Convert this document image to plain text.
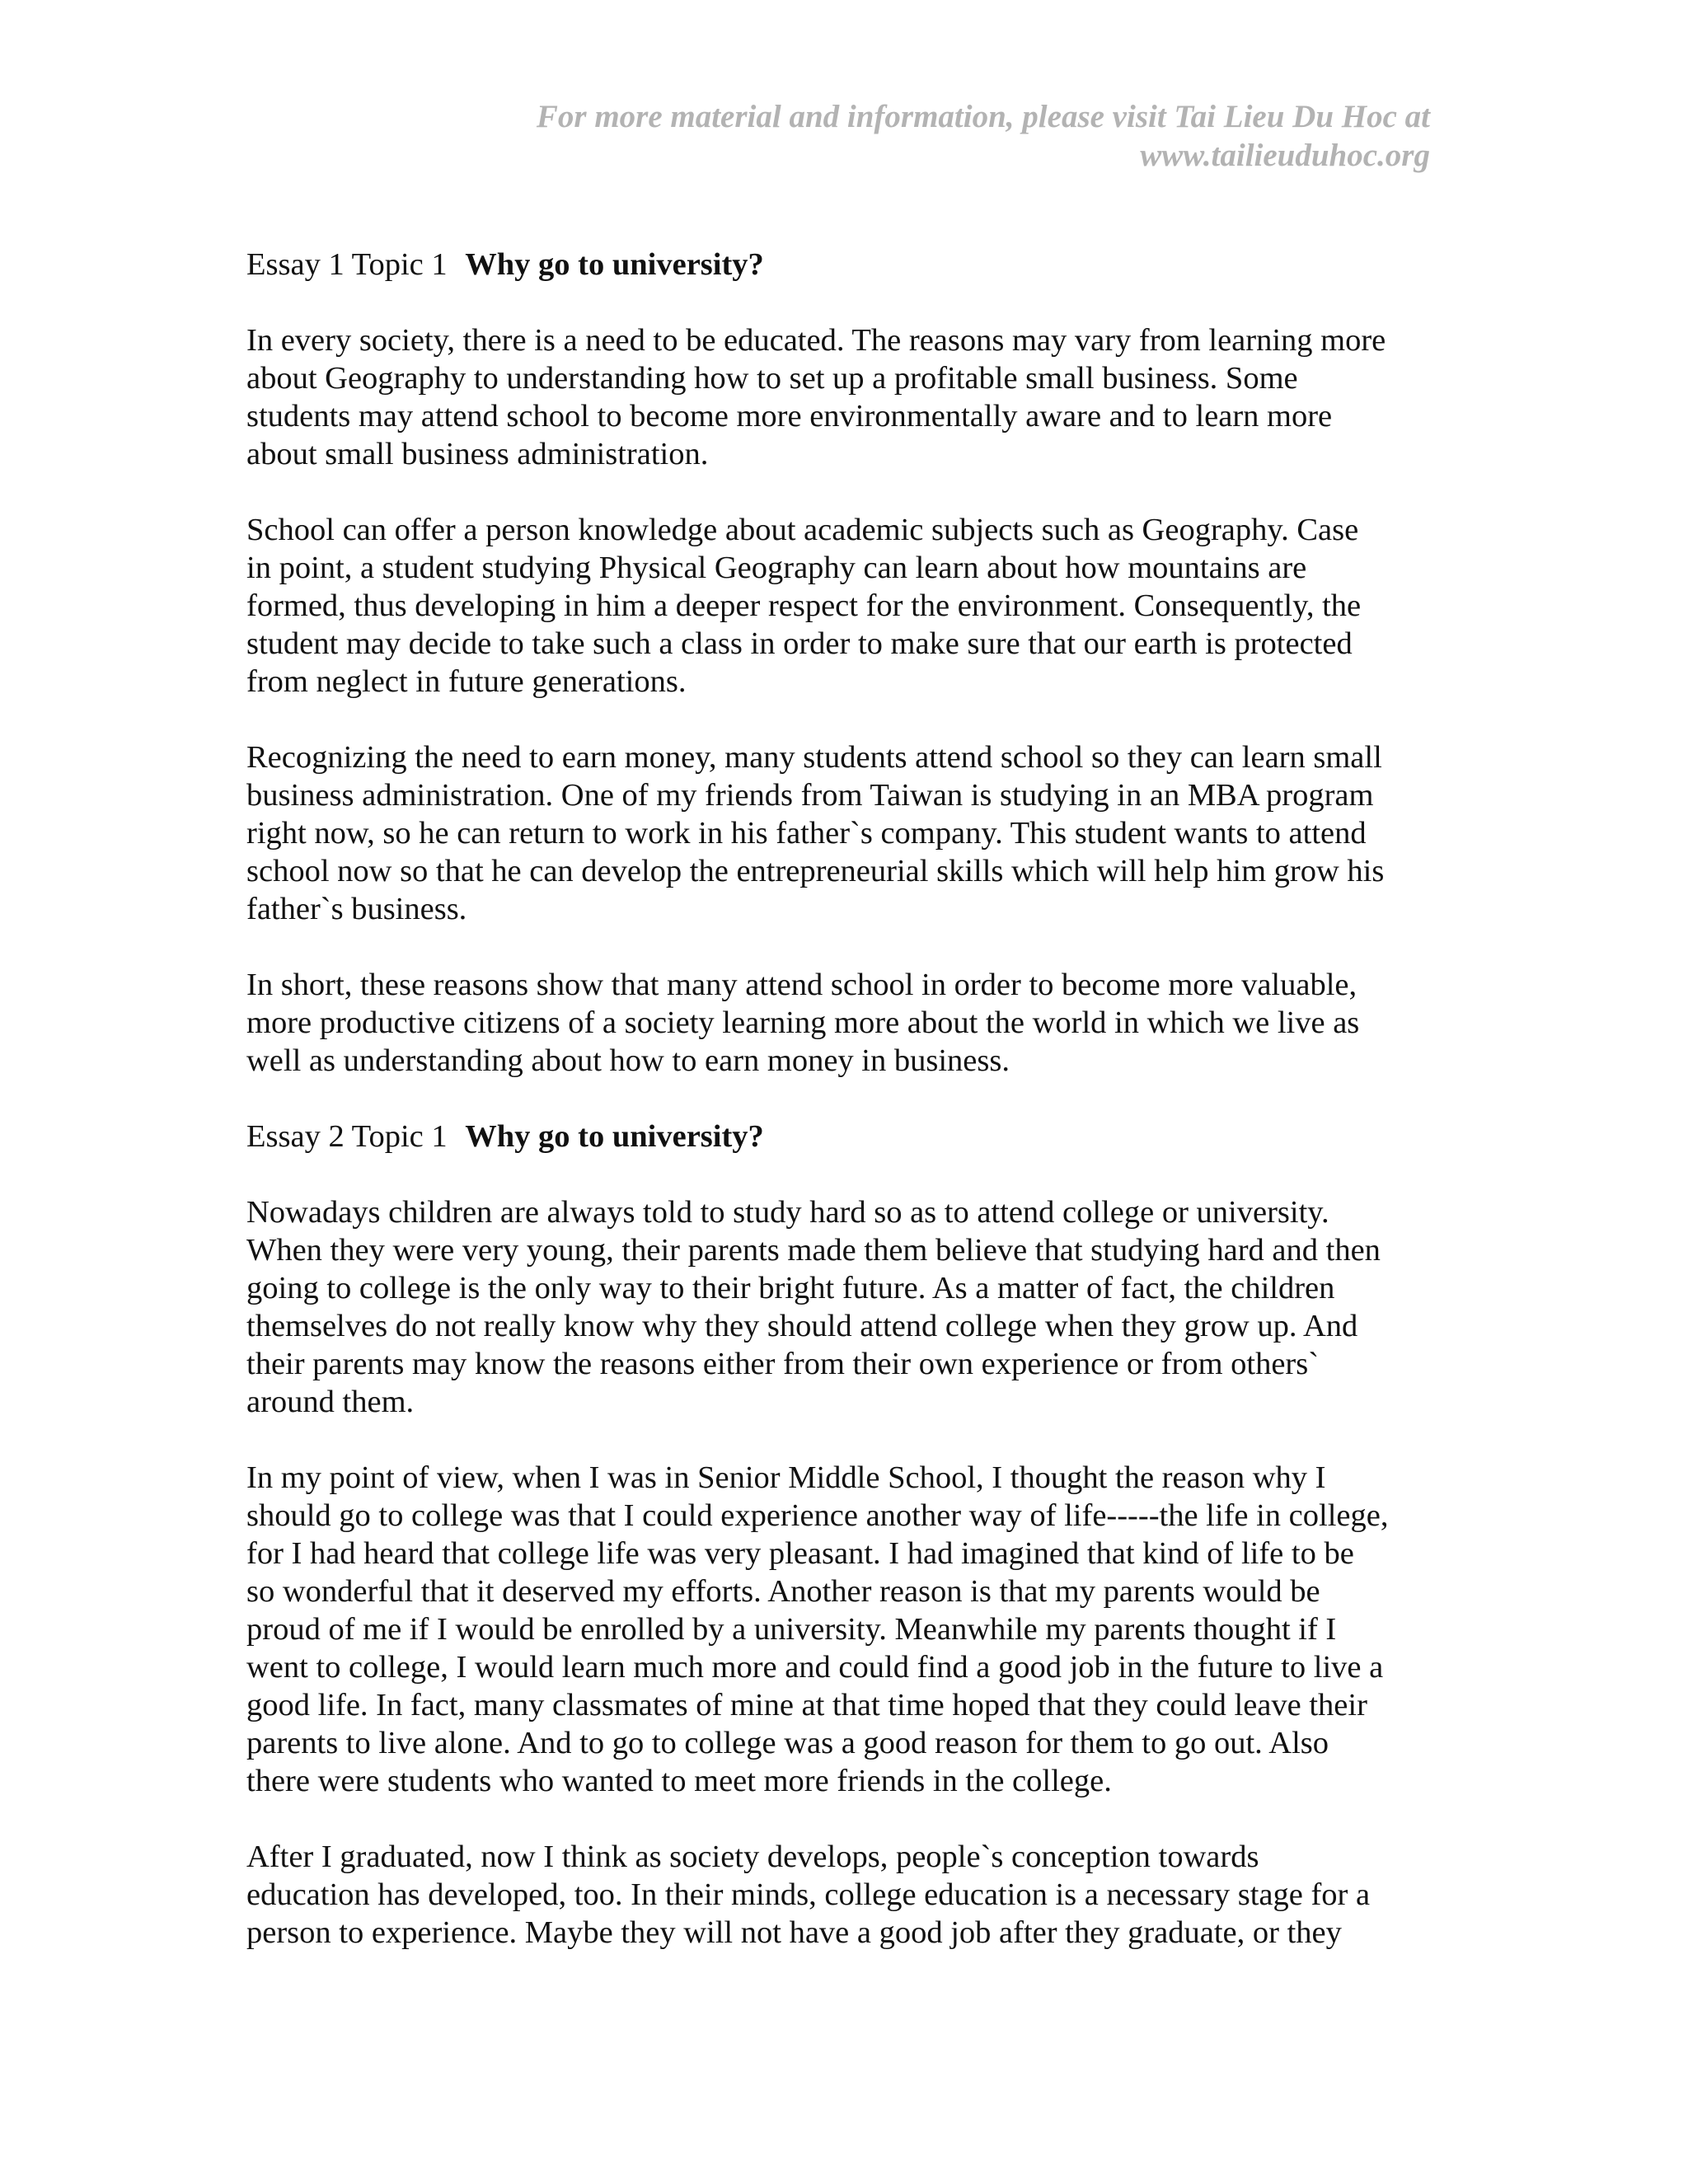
For more material and information, please visit Tai Lieu Du Hoc at
www.tailieuduhoc.org
Essay 1 Topic 1 Why go to university?
In every society, there is a need to be educated. The reasons may vary from learning more
about Geography to understanding how to set up a profitable small business. Some
students may attend school to become more environmentally aware and to learn more
about small business administration.
School can offer a person knowledge about academic subjects such as Geography. Case
in point, a student studying Physical Geography can learn about how mountains are
formed, thus developing in him a deeper respect for the environment. Consequently, the
student may decide to take such a class in order to make sure that our earth is protected
from neglect in future generations.
Recognizing the need to earn money, many students attend school so they can learn small
business administration. One of my friends from Taiwan is studying in an MBA program
right now, so he can return to work in his father`s company. This student wants to attend
school now so that he can develop the entrepreneurial skills which will help him grow his
father`s business.
In short, these reasons show that many attend school in order to become more valuable,
more productive citizens of a society learning more about the world in which we live as
well as understanding about how to earn money in business.
Essay 2 Topic 1 Why go to university?
Nowadays children are always told to study hard so as to attend college or university.
When they were very young, their parents made them believe that studying hard and then
going to college is the only way to their bright future. As a matter of fact, the children
themselves do not really know why they should attend college when they grow up. And
their parents may know the reasons either from their own experience or from others`
around them.
In my point of view, when I was in Senior Middle School, I thought the reason why I
should go to college was that I could experience another way of life-----the life in college,
for I had heard that college life was very pleasant. I had imagined that kind of life to be
so wonderful that it deserved my efforts. Another reason is that my parents would be
proud of me if I would be enrolled by a university. Meanwhile my parents thought if I
went to college, I would learn much more and could find a good job in the future to live a
good life. In fact, many classmates of mine at that time hoped that they could leave their
parents to live alone. And to go to college was a good reason for them to go out. Also
there were students who wanted to meet more friends in the college.
After I graduated, now I think as society develops, people`s conception towards
education has developed, too. In their minds, college education is a necessary stage for a
person to experience. Maybe they will not have a good job after they graduate, or they
